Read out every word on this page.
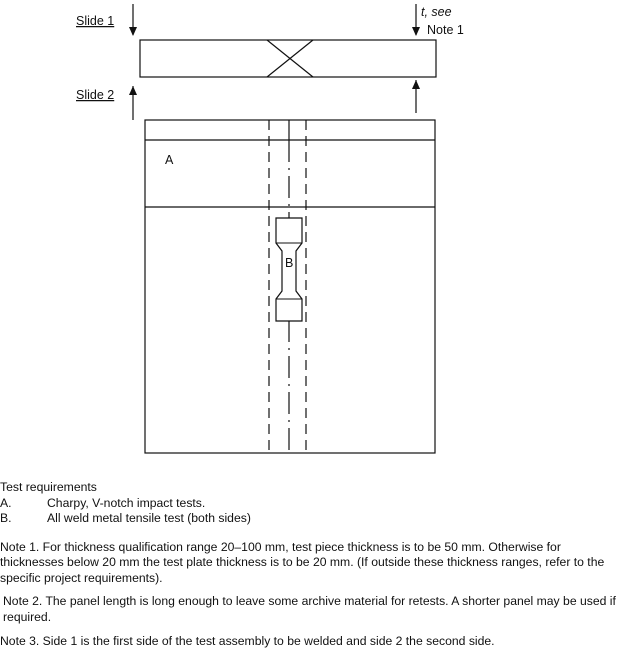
Slide 1
Slide 2
t, see
Note 1
A
B

Test requirements

A.	Charpy, V-notch impact tests.
B.	All weld metal tensile test (both sides)

Note 1. For thickness qualification range 20–100 mm, test piece thickness is to be 50 mm. Otherwise for thicknesses below 20 mm the test plate thickness is to be 20 mm. (If outside these thickness ranges, refer to the specific project requirements).

Note 2. The panel length is long enough to leave some archive material for retests. A shorter panel may be used if required.

Note 3. Side 1 is the first side of the test assembly to be welded and side 2 the second side.
